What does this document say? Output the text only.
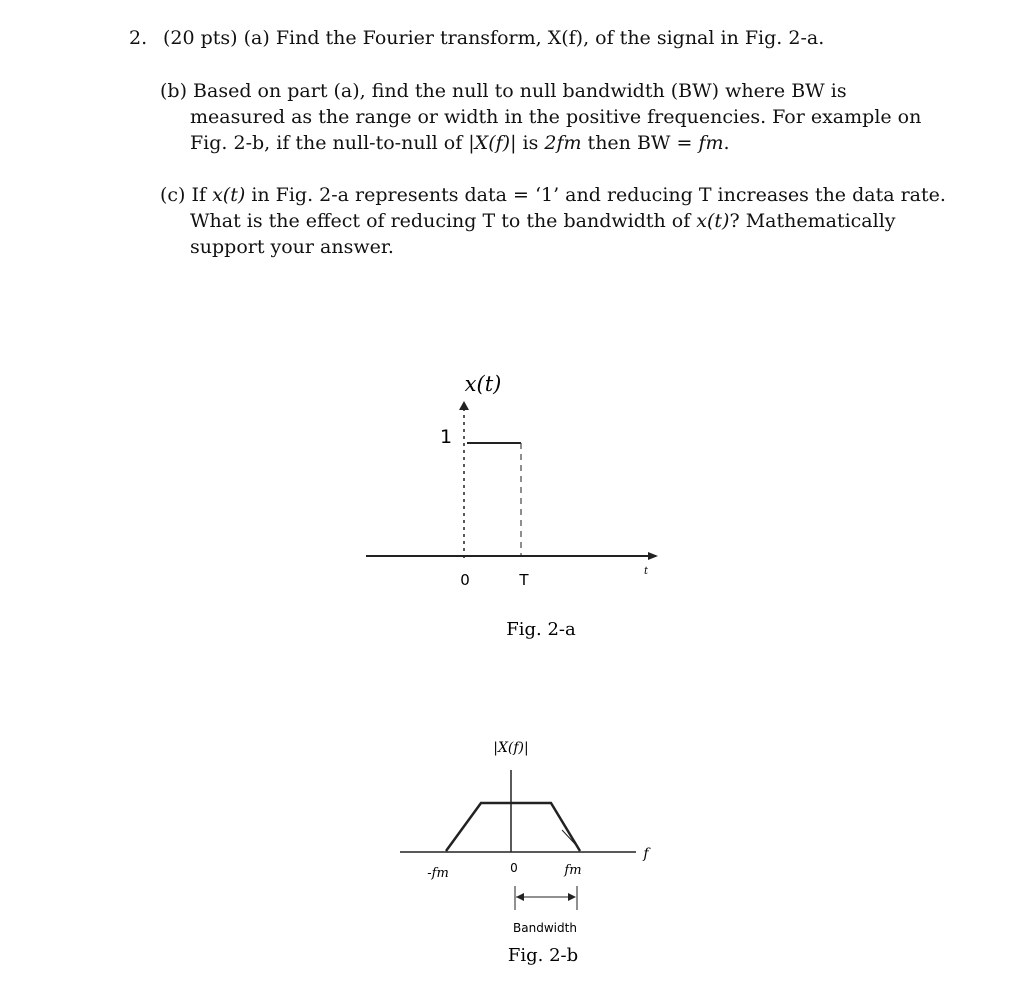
2. (20 pts) (a) Find the Fourier transform, X(f), of the signal in Fig. 2-a.
(b) Based on part (a), find the null to null bandwidth (BW) where BW is
measured as the range or width in the positive frequencies. For example on
Fig. 2-b, if the null-to-null of |X(f)| is 2fm then BW = fm.
(c) If x(t) in Fig. 2-a represents data = ‘1’ and reducing T increases the data rate.
What is the effect of reducing T to the bandwidth of x(t)? Mathematically
support your answer.
x(t)
1
0	T	t
Fig. 2-a
|X(f)|
-fm	0	fm
f
Bandwidth
Fig. 2-b
